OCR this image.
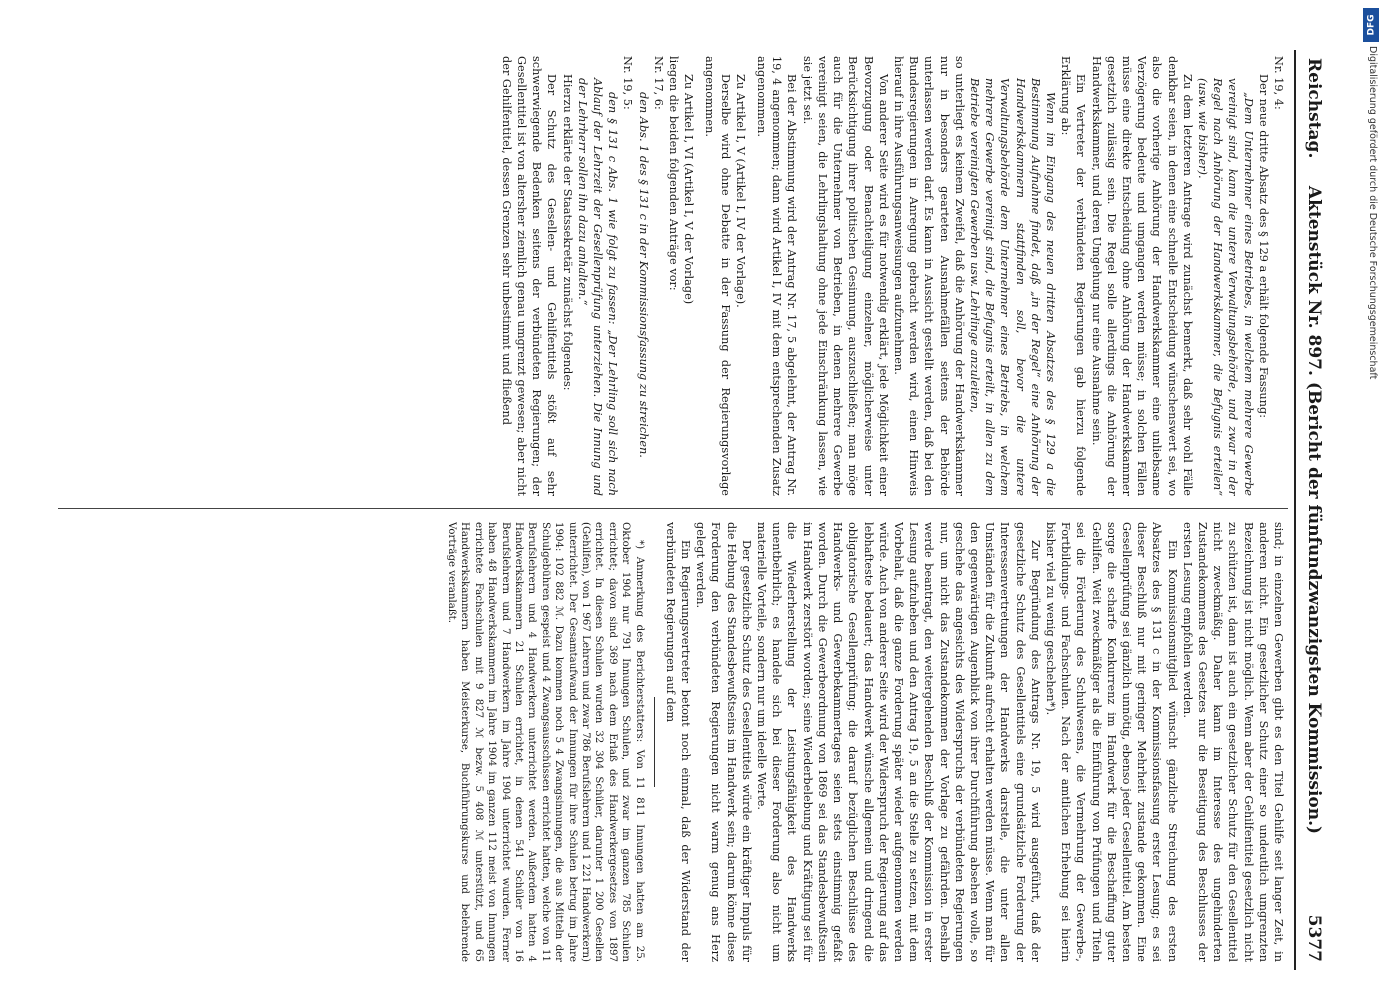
Reichstag.
Aktenstück Nr. 897. (Bericht der fünfundzwanzigsten Kommission.)
5377

Nr. 19, 4:

Der neue dritte Absatz des § 129 a erhält folgende Fassung:

„Dem Unternehmer eines Betriebes, in welchem mehrere Gewerbe vereinigt sind, kann die untere Verwaltungsbehörde, und zwar in der Regel nach Anhörung der Handwerkskammer, die Befugnis erteilen“ (usw. wie bisher).

Zu dem letzteren Antrage wird zunächst bemerkt, daß sehr wohl Fälle denkbar seien, in denen eine schnelle Entscheidung wünschenswert sei, wo also die vorherige Anhörung der Handwerkskammer eine unliebsame Verzögerung bedeute und umgangen werden müsse; in solchen Fällen müsse eine direkte Entscheidung ohne Anhörung der Handwerkskammer gesetzlich zulässig sein. Die Regel solle allerdings die Anhörung der Handwerkskammer, und deren Umgehung nur eine Ausnahme sein.

Ein Vertreter der verbündeten Regierungen gab hierzu folgende Erklärung ab:

Wenn im Eingang des neuen dritten Absatzes des § 129 a die Bestimmung Aufnahme findet, daß „in der Regel“ eine Anhörung der Handwerkskammern stattfinden soll, bevor die untere Verwaltungsbehörde dem Unternehmer eines Betriebs, in welchem mehrere Gewerbe vereinigt sind, die Befugnis erteilt, in allen zu dem Betriebe vereinigten Gewerben usw. Lehrlinge anzuleiten,

so unterliegt es keinem Zweifel, daß die Anhörung der Handwerkskammer nur in besonders gearteten Ausnahmefällen seitens der Behörde unterlassen werden darf. Es kann in Aussicht gestellt werden, daß bei den Bundesregierungen in Anregung gebracht werden wird, einen Hinweis hierauf in ihre Ausführungsanweisungen aufzunehmen.

Von anderer Seite wird es für notwendig erklärt, jede Möglichkeit einer Bevorzugung oder Benachteiligung einzelner, möglicherweise unter Berücksichtigung ihrer politischen Gesinnung, auszuschließen; man möge auch für die Unternehmer von Betrieben, in denen mehrere Gewerbe vereinigt seien, die Lehrlingshaltung ohne jede Einschränkung lassen, wie sie jetzt sei.

Bei der Abstimmung wird der Antrag Nr. 17, 5 abgelehnt, der Antrag Nr. 19, 4 angenommen; dann wird Artikel I, IV mit dem entsprechenden Zusatz angenommen.

Zu Artikel I, V (Artikel I, IV der Vorlage).

Derselbe wird ohne Debatte in der Fassung der Regierungsvorlage angenommen.

Zu Artikel I, VI (Artikel I, V der Vorlage)

liegen die beiden folgenden Anträge vor:

Nr. 17, 6:

den Abs. 1 des § 131 c in der Kommissionsfassung zu streichen.

Nr. 19, 5:

den § 131 c Abs. 1 wie folgt zu fassen: „Der Lehrling soll sich nach Ablauf der Lehrzeit der Gesellenprüfung unterziehen. Die Innung und der Lehrherr sollen ihn dazu anhalten.“

Hierzu erklärte der Staatssekretär zunächst folgendes:

Der Schutz des Gesellen- und Gehilfentitels stößt auf sehr schwerwiegende Bedenken seitens der verbündeten Regierungen; der Gesellentitel ist von altersher ziemlich genau umgrenzt gewesen; aber nicht der Gehilfentitel, dessen Grenzen sehr unbestimmt und fließend

sind; in einzelnen Gewerben gibt es den Titel Gehilfe seit langer Zeit, in anderen nicht. Ein gesetzlicher Schutz einer so undeutlich umgrenzten Bezeichnung ist nicht möglich. Wenn aber der Gehilfentitel gesetzlich nicht zu schützen ist, dann ist auch ein gesetzlicher Schutz für den Gesellentitel nicht zweckmäßig. Daher kann im Interesse des ungehinderten Zustandekommens des Gesetzes nur die Beseitigung des Beschlusses der ersten Lesung empfohlen werden.

Ein Kommissionsmitglied wünscht gänzliche Streichung des ersten Absatzes des § 131 c in der Kommissionsfassung erster Lesung; es sei dieser Beschluß nur mit geringer Mehrheit zustande gekommen. Eine Gesellenprüfung sei gänzlich unnötig, ebenso jeder Gesellentitel. Am besten sorge die scharfe Konkurrenz im Handwerk für die Beschaffung guter Gehilfen. Weit zweckmäßiger als die Einführung von Prüfungen und Titeln sei die Förderung des Schulwesens, die Vermehrung der Gewerbe-, Fortbildungs- und Fachschulen. Nach der amtlichen Erhebung sei hierin bisher viel zu wenig geschehen*).

Zur Begründung des Antrags Nr. 19, 5 wird ausgeführt, daß der gesetzliche Schutz des Gesellentitels eine grundsätzliche Forderung der Interessenvertretungen der Handwerks darstelle, die unter allen Umständen für die Zukunft aufrecht erhalten werden müsse. Wenn man für den gegenwärtigen Augenblick von ihrer Durchführung absehen wolle, so geschehe das angesichts des Widerspruchs der verbündeten Regierungen nur, um nicht das Zustandekommen der Vorlage zu gefährden. Deshalb werde beantragt, den weitergehenden Beschluß der Kommission in erster Lesung aufzuheben und den Antrag 19, 5 an die Stelle zu setzen, mit dem Vorbehalt, daß die ganze Forderung später wieder aufgenommen werden würde. Auch von anderer Seite wird der Widerspruch der Regierung auf das lebhafteste bedauert; das Handwerk wünsche allgemein und dringend die obligatorische Gesellenprüfung; die darauf bezüglichen Beschlüsse des Handwerks- und Gewerbekammertages seien stets einstimmig gefaßt worden. Durch die Gewerbeordnung von 1869 sei das Standesbewußtsein im Handwerk zerstört worden; seine Wiederbelebung und Kräftigung sei für die Wiederherstellung der Leistungsfähigkeit des Handwerks unentbehrlich; es handele sich bei dieser Forderung also nicht um materielle Vorteile, sondern nur um ideelle Werte.

Der gesetzliche Schutz des Gesellentitels würde ein kräftiger Impuls für die Hebung des Standesbewußtseins im Handwerk sein; darum könne diese Forderung den verbündeten Regierungen nicht warm genug ans Herz gelegt werden.

Ein Regierungsvertreter betont noch einmal, daß der Widerstand der verbündeten Regierungen auf dem

*) Anmerkung des Berichterstatters: Von 11 811 Innungen hatten am 25. Oktober 1904 nur 791 Innungen Schulen, und zwar im ganzen 785 Schulen errichtet; davon sind 369 nach dem Erlaß des Handwerkergesetzes von 1897 errichtet. In diesen Schulen wurden 32 304 Schüler, darunter 1 200 Gesellen (Gehilfen), von 1 967 Lehrern und zwar 786 Berufslehrern und 1 221 Handwerkern) unterrichtet. Der Gesamtaufwand der Innungen für ihre Schulen betrug im Jahre 1904: 102 882 ℳ. Dazu kommen noch 5 4 Zwangsinnungen, die aus Mitteln der Schulgebühren gespeist und 4 Zwangsausschüssen errichtet hatten, welche von 11 Berufslehrern und 4 Handwerkern unterrichtet werden. Außerdem hatten 4 Handwerkskammern 21 Schulen errichtet, in denen 541 Schüler von 16 Berufslehrern und 7 Handwerkern im Jahre 1904 unterrichtet wurden. Ferner haben 48 Handwerkskammern im Jahre 1904 im ganzen 112 meist von Innungen errichtete Fachschulen mit 9 827 ℳ bezw. 5 408 ℳ unterstützt, und 65 Handwerkskammern haben Meisterkurse, Buchführungskurse und belehrende Vorträge veranlaßt.

DFG
Digitalisierung gefördert durch die Deutsche Forschungsgemeinschaft
